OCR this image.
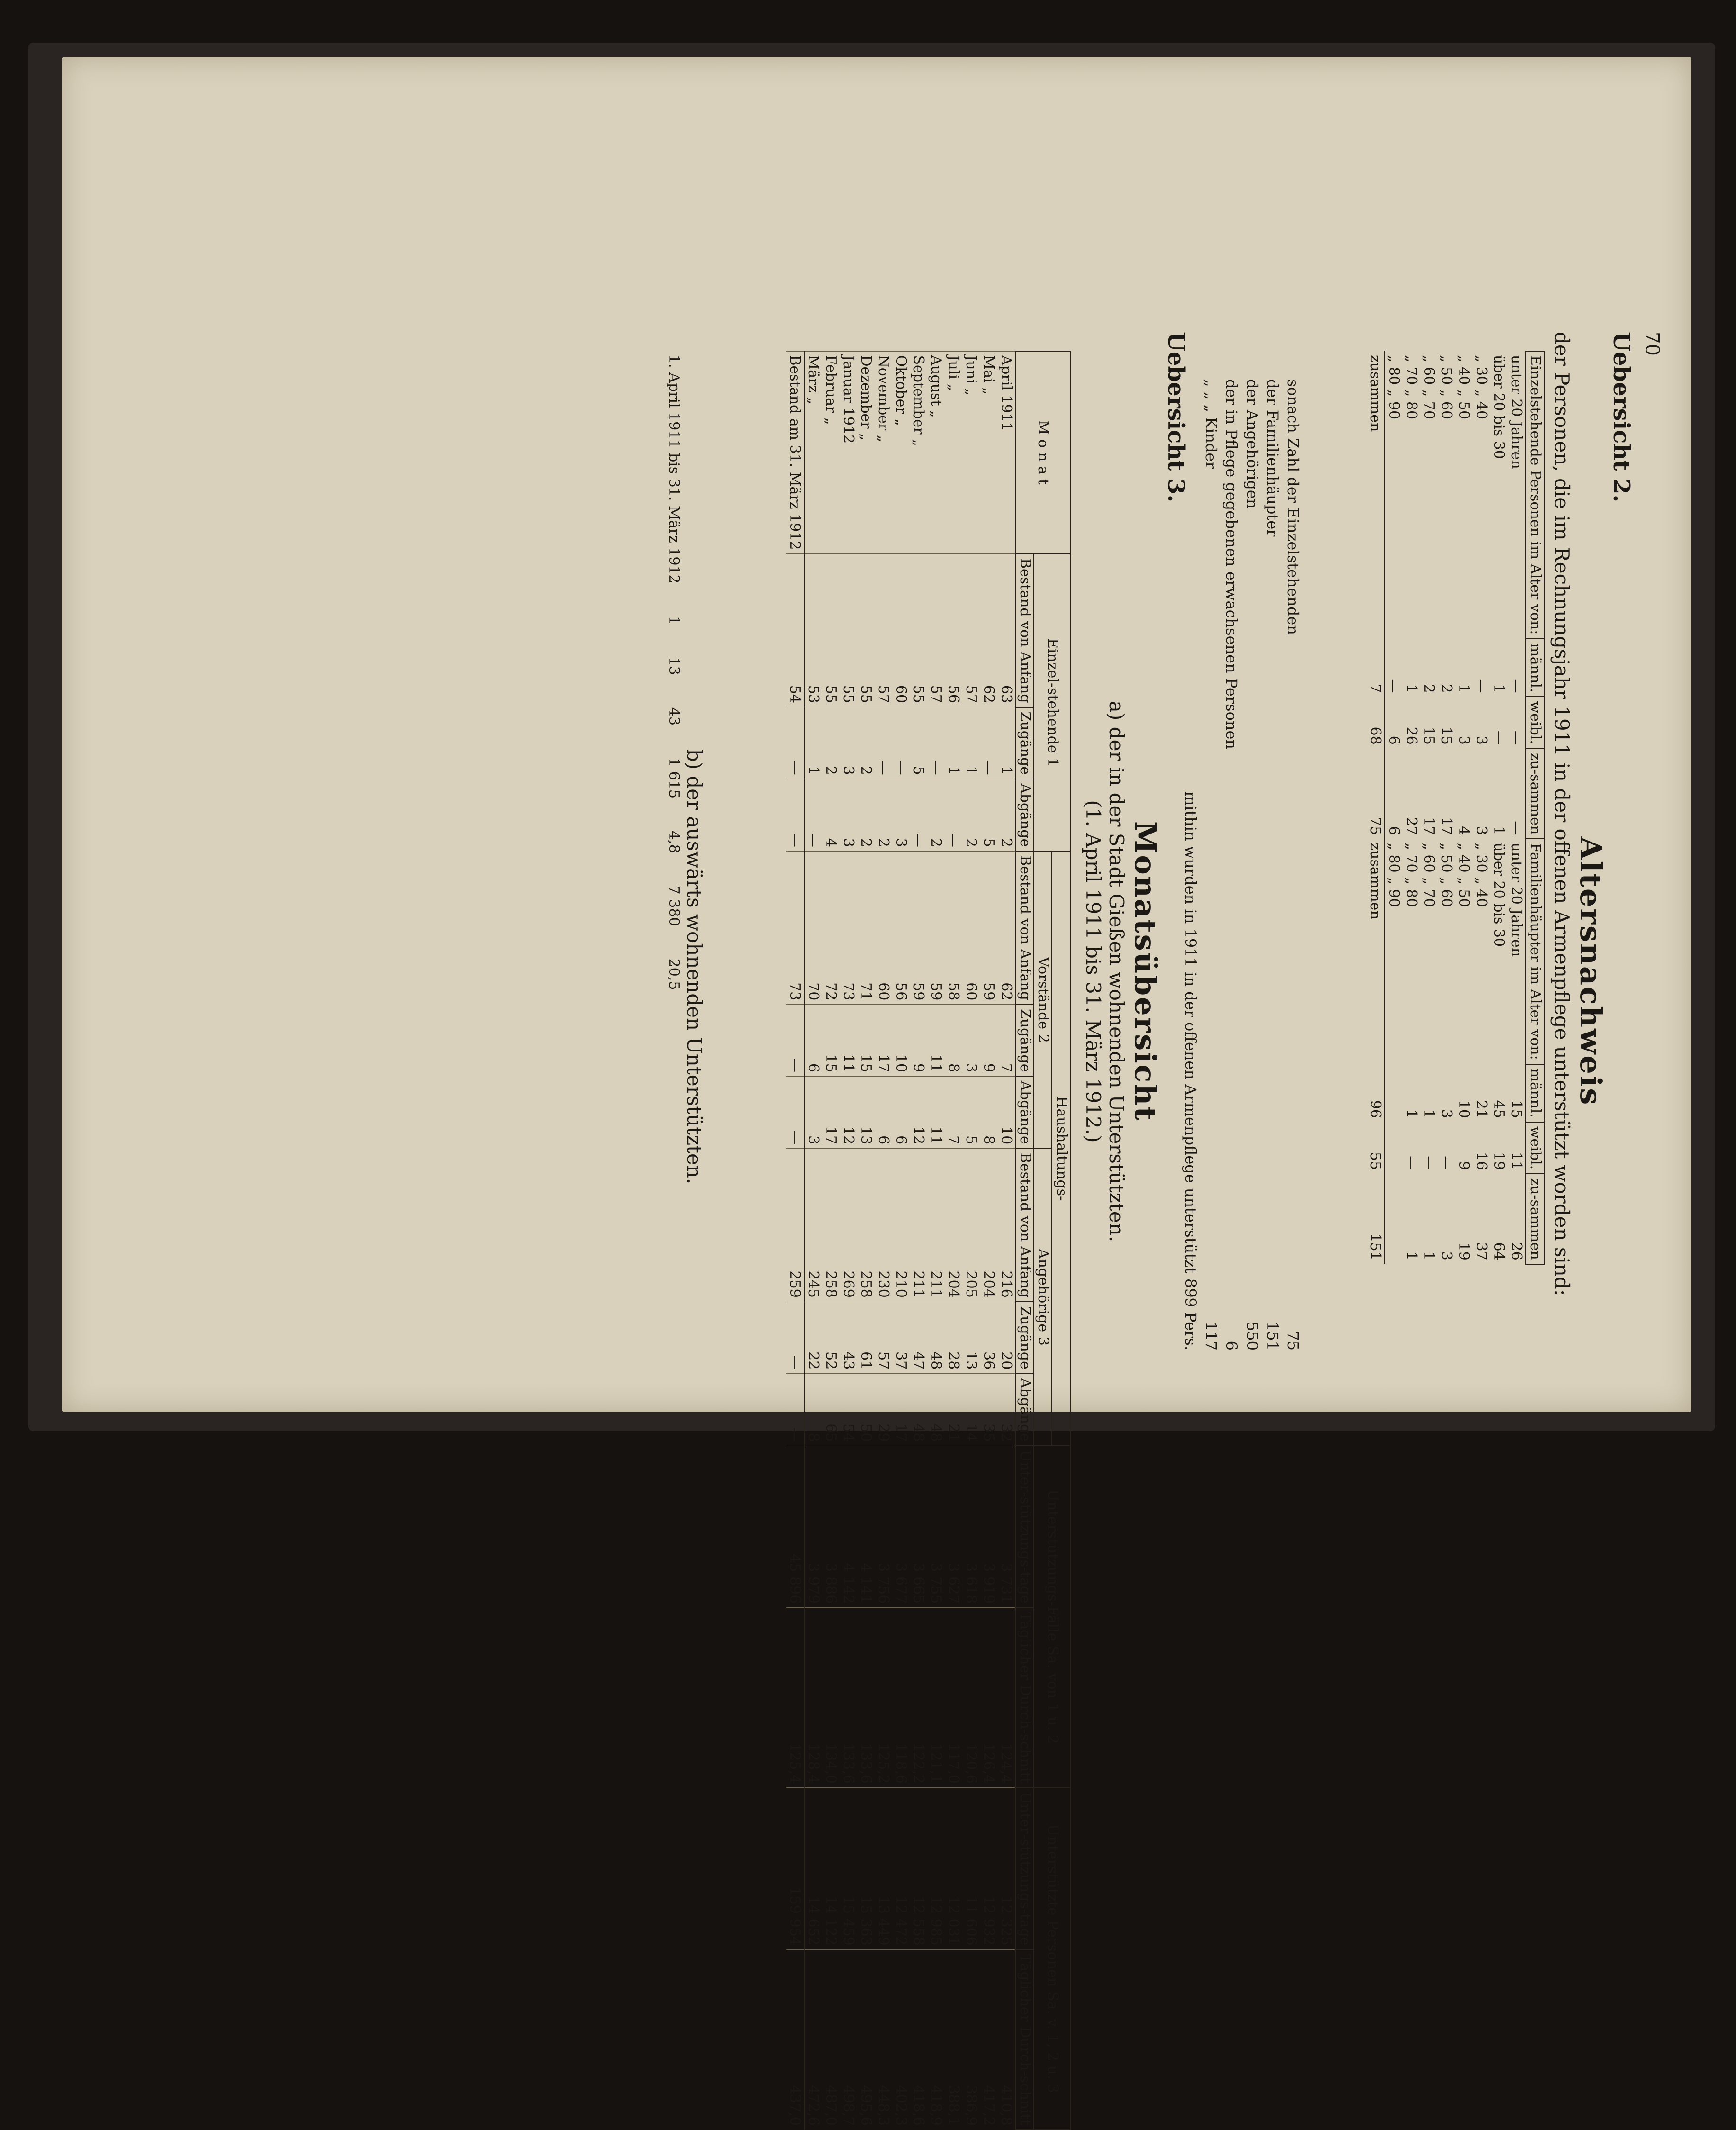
70

Uebersicht 2.

Altersnachweis

der Personen, die im Rechnungsjahr 1911 in der offenen Armenpflege unterstützt worden sind:

Einzelstehende Personen im Alter von:	männl.	weibl.	zu-sammen	Familienhäupter im Alter von:	männl.	weibl.	zu-sammen
unter 20 Jahren	—	—	—	unter 20 Jahren	15	11	26
über 20 bis 30	1	—	1	über 20 bis 30	45	19	64
„ 30 „ 40	—	3	3	„ 30 „ 40	21	16	37
„ 40 „ 50	1	3	4	„ 40 „ 50	10	9	19
„ 50 „ 60	2	15	17	„ 50 „ 60	3	—	3
„ 60 „ 70	2	15	17	„ 60 „ 70	1	—	1
„ 70 „ 80	1	26	27	„ 70 „ 80	1	—	1
„ 80 „ 90	—	6	6	„ 80 „ 90			
zusammen	7	68	75	zusammen	96	55	151
sonach Zahl der Einzelstehenden
75
der Familienhäupter
151
der Angehörigen
550
der in Pflege gegebenen erwachsenen Personen
6
„ „ „ Kinder
117
mithin wurden in 1911 in der offenen Armenpflege unterstützt 899 Pers.

Uebersicht 3.

Monatsübersicht

a) der in der Stadt Gießen wohnenden Unterstützten.

(1. April 1911 bis 31. März 1912.)

M o n a t	Einzel-stehende 1			Haushaltungs-						Unterstützungs-Fälle Sa. von 1 u. 2		Unterstützte Personen Sa. v. 1, 2 u. 3	
				Vorstände 2			Angehörige 3						
	Bestand von Anfang	Zugänge	Abgänge	Bestand von Anfang	Zugänge	Abgänge	Bestand von Anfang	Zugänge	Abgänge	Unter-stützungs-tage	Täglicher Durch-schnitt	Unter-stützungs-tage	Täglicher Durch-schnitt
April 1911	63	1	2	62	7	10	216	20	32	3 731	124,4	12 325	410,8
Mai „	62	—	5	59	9	8	204	36	35	3 919	126,4	12 932	417,2
Juni „	57	1	2	60	3	5	205	13	14	3 618	120,6	11 606	386,9
Juli „	56	1	—	58	8	7	204	28	21	3 627	117,0	12 031	388,1
August „	57	—	2	59	11	11	211	48	48	3 755	121,1	12 985	418,9
September „	55	5	—	59	9	12	211	47	48	3 665	122,2	12 558	418,6
Oktober „	60	—	3	56	10	6	210	37	17	3 677	118,6	12 472	402,3
November „	57	—	2	60	17	6	230	57	29	3 756	125,2	13 449	448,3
Dezember „	55	2	2	71	15	13	258	61	50	4 141	133,6	15 363	495,6
Januar 1912	55	3	3	73	11	12	269	43	54	4 142	133,6	15 459	498,7
Februar „	55	2	4	72	15	17	258	52	65	3 886	134,0	14 122	487,0
März „	53	1	—	70	6	3	245	22	8	3 979	128,4	14 652	472,6
Bestand am 31. März 1912	54	—	—	73	—	—	259	—	—	45 896	125,4	159 954	437,0

b) der auswärts wohnenden Unterstützten.

1. April 1911 bis 31. März 1912	1	13	43	1 615	4,8	7 380	20,5
